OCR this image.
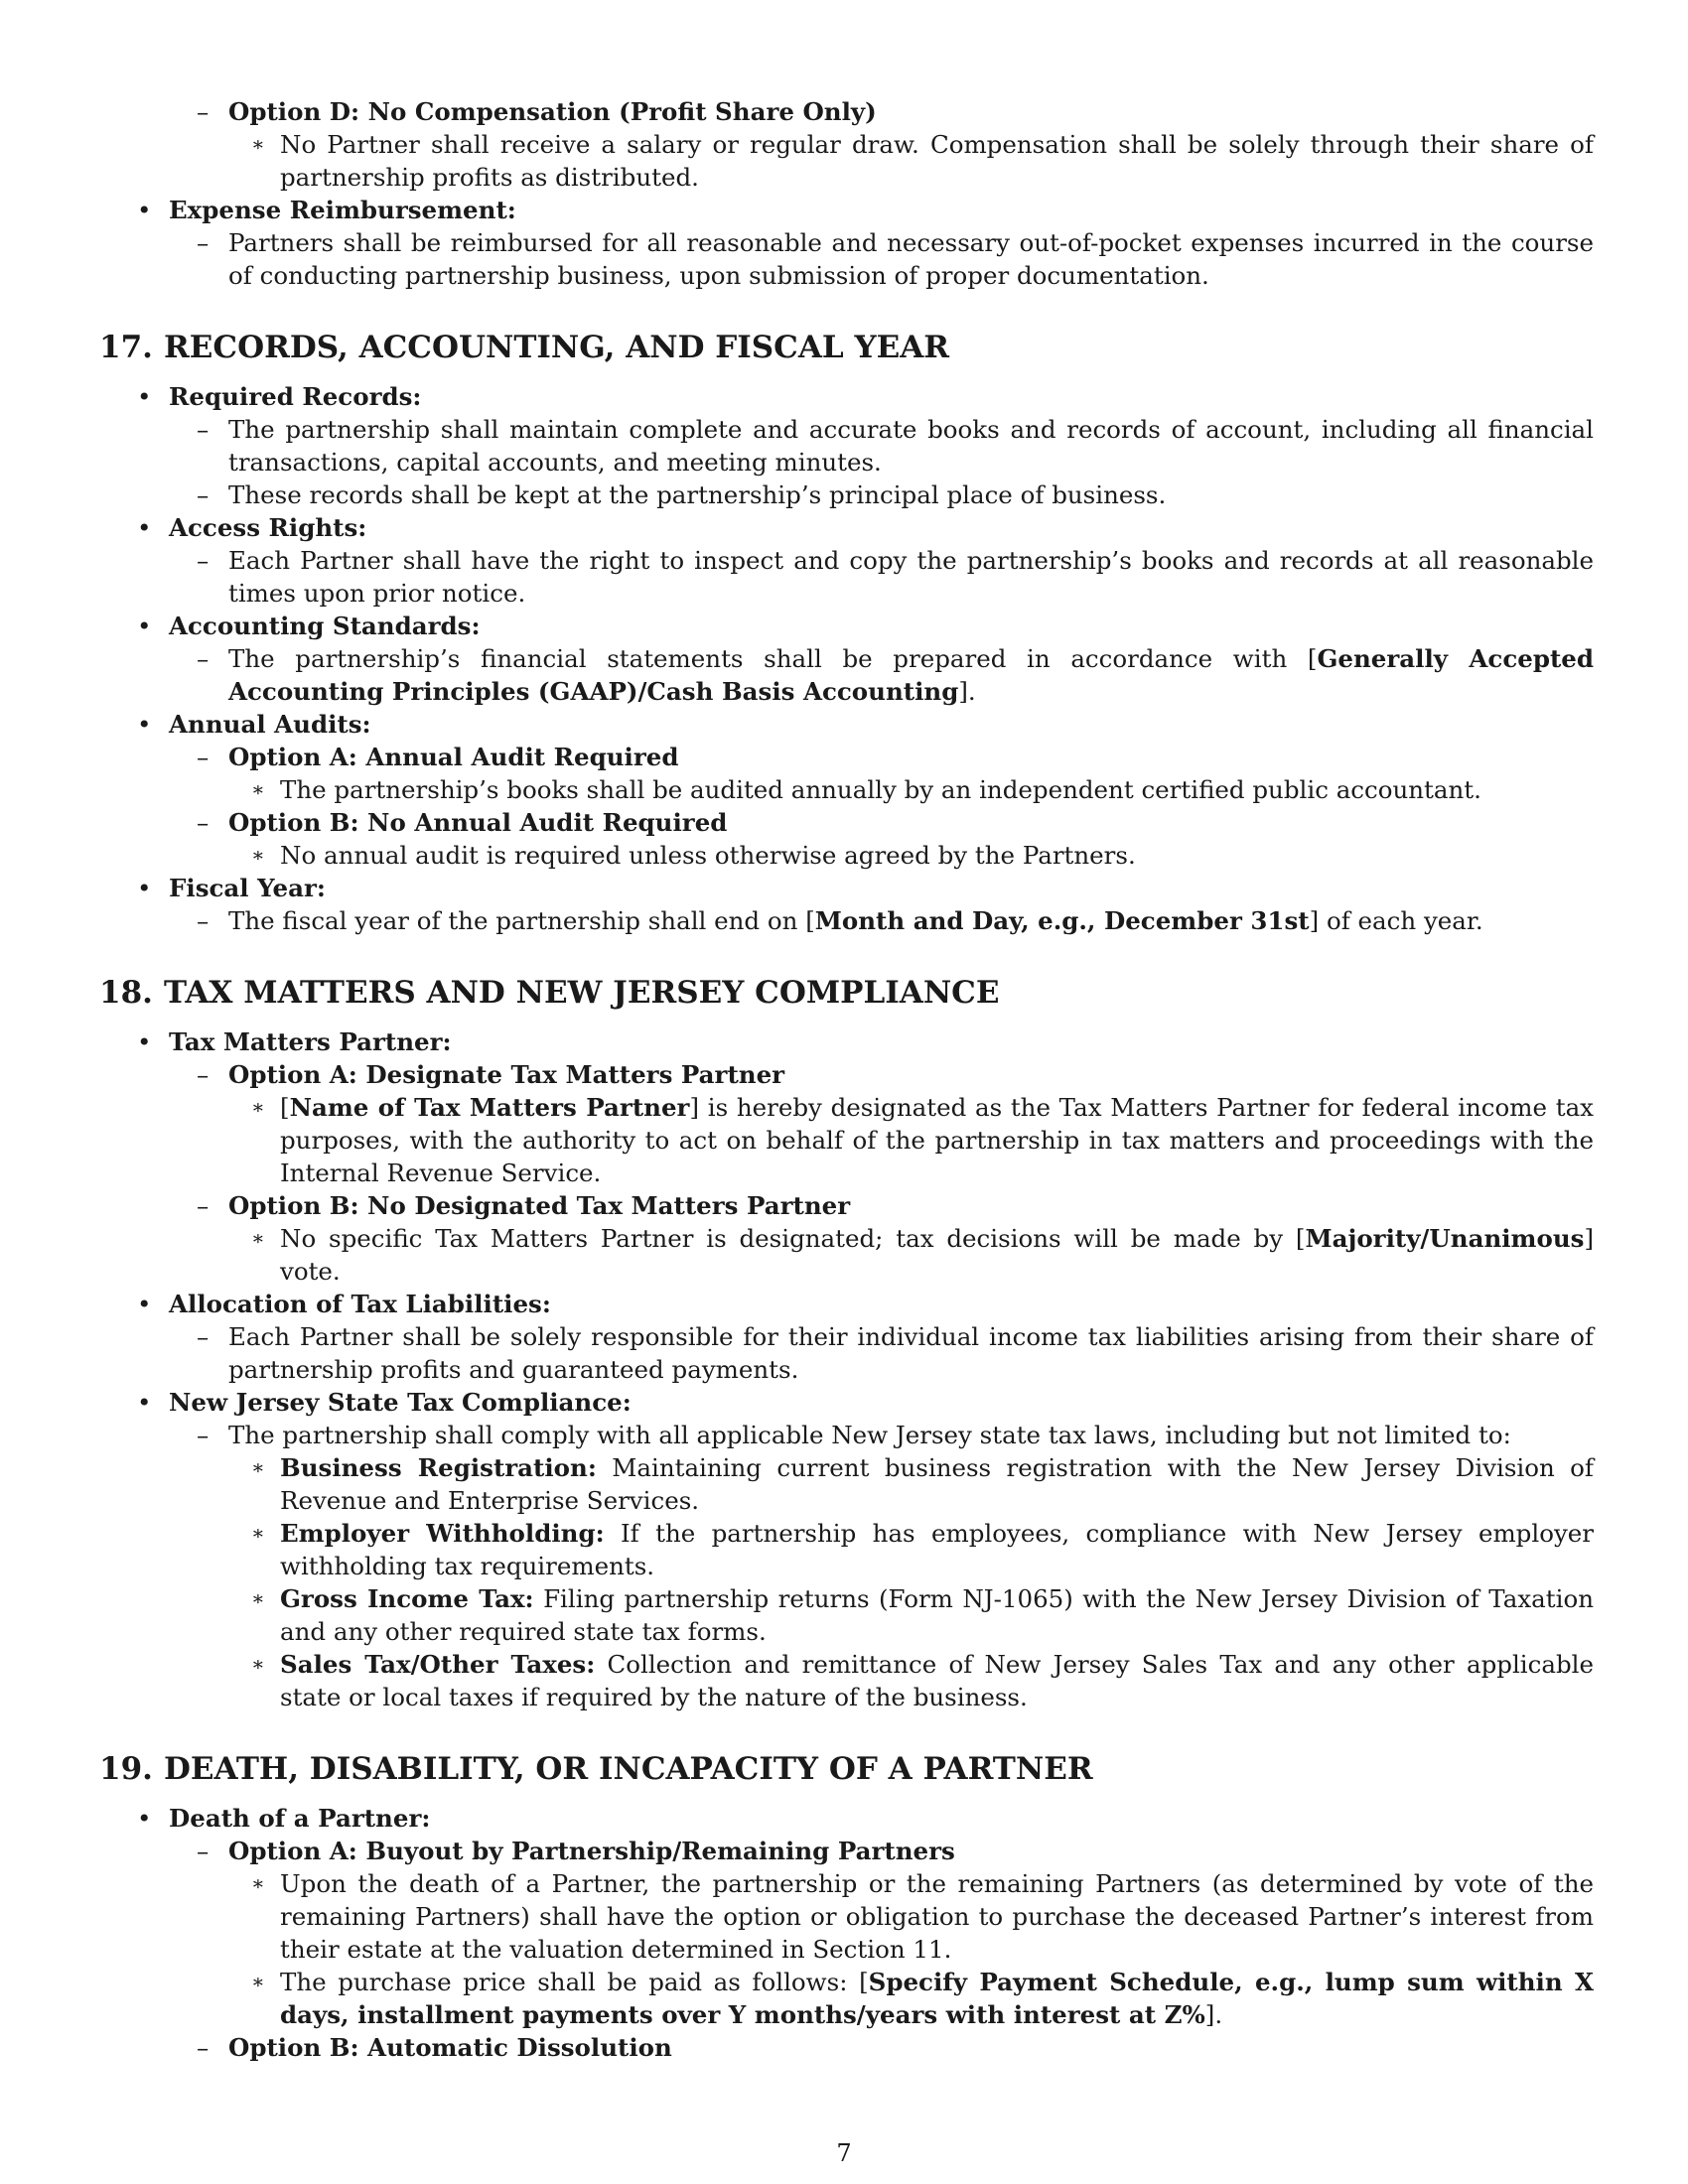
– Option D: No Compensation (Profit Share Only)
∗ No Partner shall receive a salary or regular draw. Compensation shall be solely through their share of partnership profits as distributed.
• Expense Reimbursement:
– Partners shall be reimbursed for all reasonable and necessary out-of-pocket expenses incurred in the course of conducting partnership business, upon submission of proper documentation.
17. RECORDS, ACCOUNTING, AND FISCAL YEAR
• Required Records:
– The partnership shall maintain complete and accurate books and records of account, including all financial transactions, capital accounts, and meeting minutes.
– These records shall be kept at the partnership’s principal place of business.
• Access Rights:
– Each Partner shall have the right to inspect and copy the partnership’s books and records at all reasonable times upon prior notice.
• Accounting Standards:
– The partnership’s financial statements shall be prepared in accordance with [Generally Accepted Accounting Principles (GAAP)/Cash Basis Accounting].
• Annual Audits:
– Option A: Annual Audit Required
∗ The partnership’s books shall be audited annually by an independent certified public accountant.
– Option B: No Annual Audit Required
∗ No annual audit is required unless otherwise agreed by the Partners.
• Fiscal Year:
– The fiscal year of the partnership shall end on [Month and Day, e.g., December 31st] of each year.
18. TAX MATTERS AND NEW JERSEY COMPLIANCE
• Tax Matters Partner:
– Option A: Designate Tax Matters Partner
∗ [Name of Tax Matters Partner] is hereby designated as the Tax Matters Partner for federal income tax purposes, with the authority to act on behalf of the partnership in tax matters and proceedings with the Internal Revenue Service.
– Option B: No Designated Tax Matters Partner
∗ No specific Tax Matters Partner is designated; tax decisions will be made by [Majority/Unanimous] vote.
• Allocation of Tax Liabilities:
– Each Partner shall be solely responsible for their individual income tax liabilities arising from their share of partnership profits and guaranteed payments.
• New Jersey State Tax Compliance:
– The partnership shall comply with all applicable New Jersey state tax laws, including but not limited to:
∗ Business Registration: Maintaining current business registration with the New Jersey Division of Revenue and Enterprise Services.
∗ Employer Withholding: If the partnership has employees, compliance with New Jersey employer withholding tax requirements.
∗ Gross Income Tax: Filing partnership returns (Form NJ-1065) with the New Jersey Division of Taxation and any other required state tax forms.
∗ Sales Tax/Other Taxes: Collection and remittance of New Jersey Sales Tax and any other applicable state or local taxes if required by the nature of the business.
19. DEATH, DISABILITY, OR INCAPACITY OF A PARTNER
• Death of a Partner:
– Option A: Buyout by Partnership/Remaining Partners
∗ Upon the death of a Partner, the partnership or the remaining Partners (as determined by vote of the remaining Partners) shall have the option or obligation to purchase the deceased Partner’s interest from their estate at the valuation determined in Section 11.
∗ The purchase price shall be paid as follows: [Specify Payment Schedule, e.g., lump sum within X days, installment payments over Y months/years with interest at Z%].
– Option B: Automatic Dissolution
7
